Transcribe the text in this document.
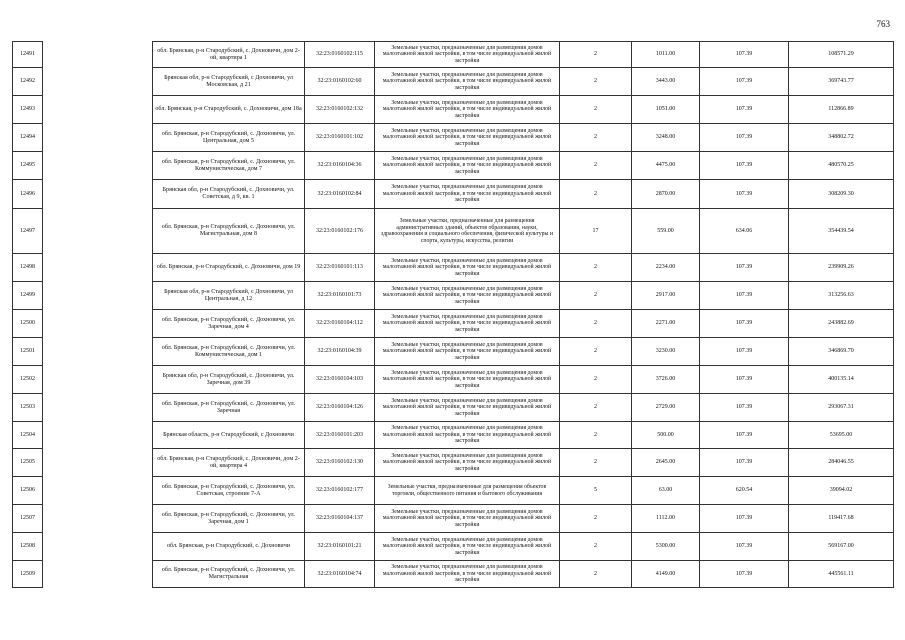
763
12491		обл. Брянская, р-н Стародубский, с. Дохновичи, дом 2-ой, квартира 1	32:23:0160102:115	Земельные участки, предназначенные для размещения домов малоэтажной жилой застройки, в том числе индивидуальной жилой застройки	2	1011.00	107.39	108571.29
12492		Брянская обл, р-н Стародубский, с Дохновичи, ул Московская, д 21	32:23:0160102:60	Земельные участки, предназначенные для размещения домов малоэтажной жилой застройки, в том числе индивидуальной жилой застройки	2	3443.00	107.39	369743.77
12493		обл. Брянская, р-н Стародубский, с. Дохновичи, дом 18а	32:23:0160102:132	Земельные участки, предназначенные для размещения домов малоэтажной жилой застройки, в том числе индивидуальной жилой застройки	2	1051.00	107.39	112866.89
12494		обл. Брянская, р-н Стародубский, с. Дохновичи, ул. Центральная, дом 5	32:23:0160101:102	Земельные участки, предназначенные для размещения домов малоэтажной жилой застройки, в том числе индивидуальной жилой застройки	2	3248.00	107.39	348802.72
12495		обл. Брянская, р-н Стародубский, с. Дохновичи, ул. Коммунистическая, дом 7	32:23:0160104:36	Земельные участки, предназначенные для размещения домов малоэтажной жилой застройки, в том числе индивидуальной жилой застройки	2	4475.00	107.39	480570.25
12496		Брянская обл, р-н Стародубский, с. Дохновичи, ул. Советская, д 9, кв. 1	32:23:0160102:84	Земельные участки, предназначенные для размещения домов малоэтажной жилой застройки, в том числе индивидуальной жилой застройки	2	2870.00	107.39	308209.30
12497		обл. Брянская, р-н Стародубский, с. Дохновичи, ул. Магистральная, дом 8	32:23:0160102:176	Земельные участки, предназначенные для размещения административных зданий, объектов образования, науки, здравоохранения и социального обеспечения, физической культуры и спорта, культуры, искусства, религии	17	559.00	634.06	354439.54
12498		обл. Брянская, р-н Стародубский, с. Дохновичи, дом 19	32:23:0160101:113	Земельные участки, предназначенные для размещения домов малоэтажной жилой застройки, в том числе индивидуальной жилой застройки	2	2234.00	107.39	239909.26
12499		Брянская обл, р-н Стародубский, с Дохновичи, ул Центральная, д 12	32:23:0160101:73	Земельные участки, предназначенные для размещения домов малоэтажной жилой застройки, в том числе индивидуальной жилой застройки	2	2917.00	107.39	313256.63
12500		обл. Брянская, р-н Стародубский, с. Дохновичи, ул. Заречная, дом 4	32:23:0160104:112	Земельные участки, предназначенные для размещения домов малоэтажной жилой застройки, в том числе индивидуальной жилой застройки	2	2271.00	107.39	243882.69
12501		обл. Брянская, р-н Стародубский, с. Дохновичи, ул. Коммунистическая, дом 1	32:23:0160104:39	Земельные участки, предназначенные для размещения домов малоэтажной жилой застройки, в том числе индивидуальной жилой застройки	2	3230.00	107.39	346869.70
12502		Брянская обл, р-н Стародубский, с. Дохновичи, ул. Заречная, дом 39	32:23:0160104:103	Земельные участки, предназначенные для размещения домов малоэтажной жилой застройки, в том числе индивидуальной жилой застройки	2	3726.00	107.39	400135.14
12503		обл. Брянская, р-н Стародубский, с. Дохновичи, ул. Заречная	32:23:0160104:126	Земельные участки, предназначенные для размещения домов малоэтажной жилой застройки, в том числе индивидуальной жилой застройки	2	2729.00	107.39	293067.31
12504		Брянская область, р-н Стародубский, с Дохновичи	32:23:0160101:203	Земельные участки, предназначенные для размещения домов малоэтажной жилой застройки, в том числе индивидуальной жилой застройки	2	500.00	107.39	53695.00
12505		обл. Брянская, р-н Стародубский, с. Дохновичи, дом 2-ой, квартира 4	32:23:0160102:130	Земельные участки, предназначенные для размещения домов малоэтажной жилой застройки, в том числе индивидуальной жилой застройки	2	2645.00	107.39	284046.55
12506		обл. Брянская, р-н Стародубский, с. Дохновичи, ул. Советская, строение 7-А	32:23:0160102:177	Земельные участки, предназначенные для размещения объектов торговли, общественного питания и бытового обслуживания	5	63.00	620.54	39094.02
12507		обл. Брянская, р-н Стародубский, с. Дохновичи, ул. Заречная, дом 1	32:23:0160104:137	Земельные участки, предназначенные для размещения домов малоэтажной жилой застройки, в том числе индивидуальной жилой застройки	2	1112.00	107.39	119417.68
12508		обл. Брянская, р-н Стародубский, с. Дохновичи	32:23:0160101:21	Земельные участки, предназначенные для размещения домов малоэтажной жилой застройки, в том числе индивидуальной жилой застройки	2	5300.00	107.39	569167.00
12509		обл. Брянская, р-н Стародубский, с. Дохновичи, ул. Магистральная	32:23:0160104:74	Земельные участки, предназначенные для размещения домов малоэтажной жилой застройки, в том числе индивидуальной жилой застройки	2	4149.00	107.39	445561.11
